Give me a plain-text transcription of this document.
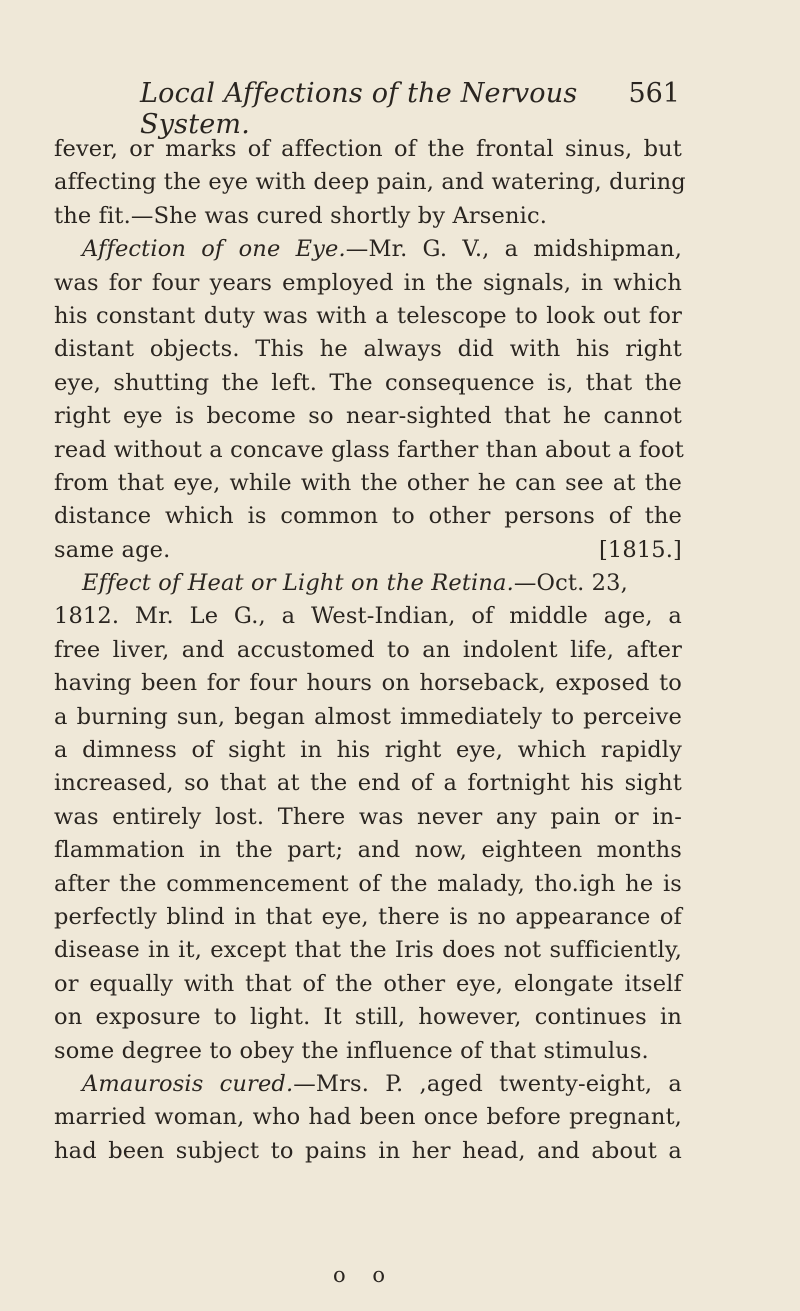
Local Affections of the Nervous System.
561
fever, or marks of affection of the frontal sinus, but
affecting the eye with deep pain, and watering, during
the fit.—She was cured shortly by Arsenic.
Affection of one Eye.—Mr. G. V., a midshipman,
was for four years employed in the signals, in which
his constant duty was with a telescope to look out for
distant objects. This he always did with his right
eye, shutting the left. The consequence is, that the
right eye is become so near-sighted that he cannot
read without a concave glass farther than about a foot
from that eye, while with the other he can see at the
distance which is common to other persons of the
same age.	[1815.]
Effect of Heat or Light on the Retina.—Oct. 23,
1812. Mr. Le G., a West-Indian, of middle age, a
free liver, and accustomed to an indolent life, after
having been for four hours on horseback, exposed to
a burning sun, began almost immediately to perceive
a dimness of sight in his right eye, which rapidly
increased, so that at the end of a fortnight his sight
was entirely lost. There was never any pain or in-
flammation in the part; and now, eighteen months
after the commencement of the malady, tho.igh he is
perfectly blind in that eye, there is no appearance of
disease in it, except that the Iris does not sufficiently,
or equally with that of the other eye, elongate itself
on exposure to light. It still, however, continues in
some degree to obey the influence of that stimulus.
Amaurosis cured.—Mrs. P. ,aged twenty-eight, a
married woman, who had been once before pregnant,
had been subject to pains in her head, and about a
o o
